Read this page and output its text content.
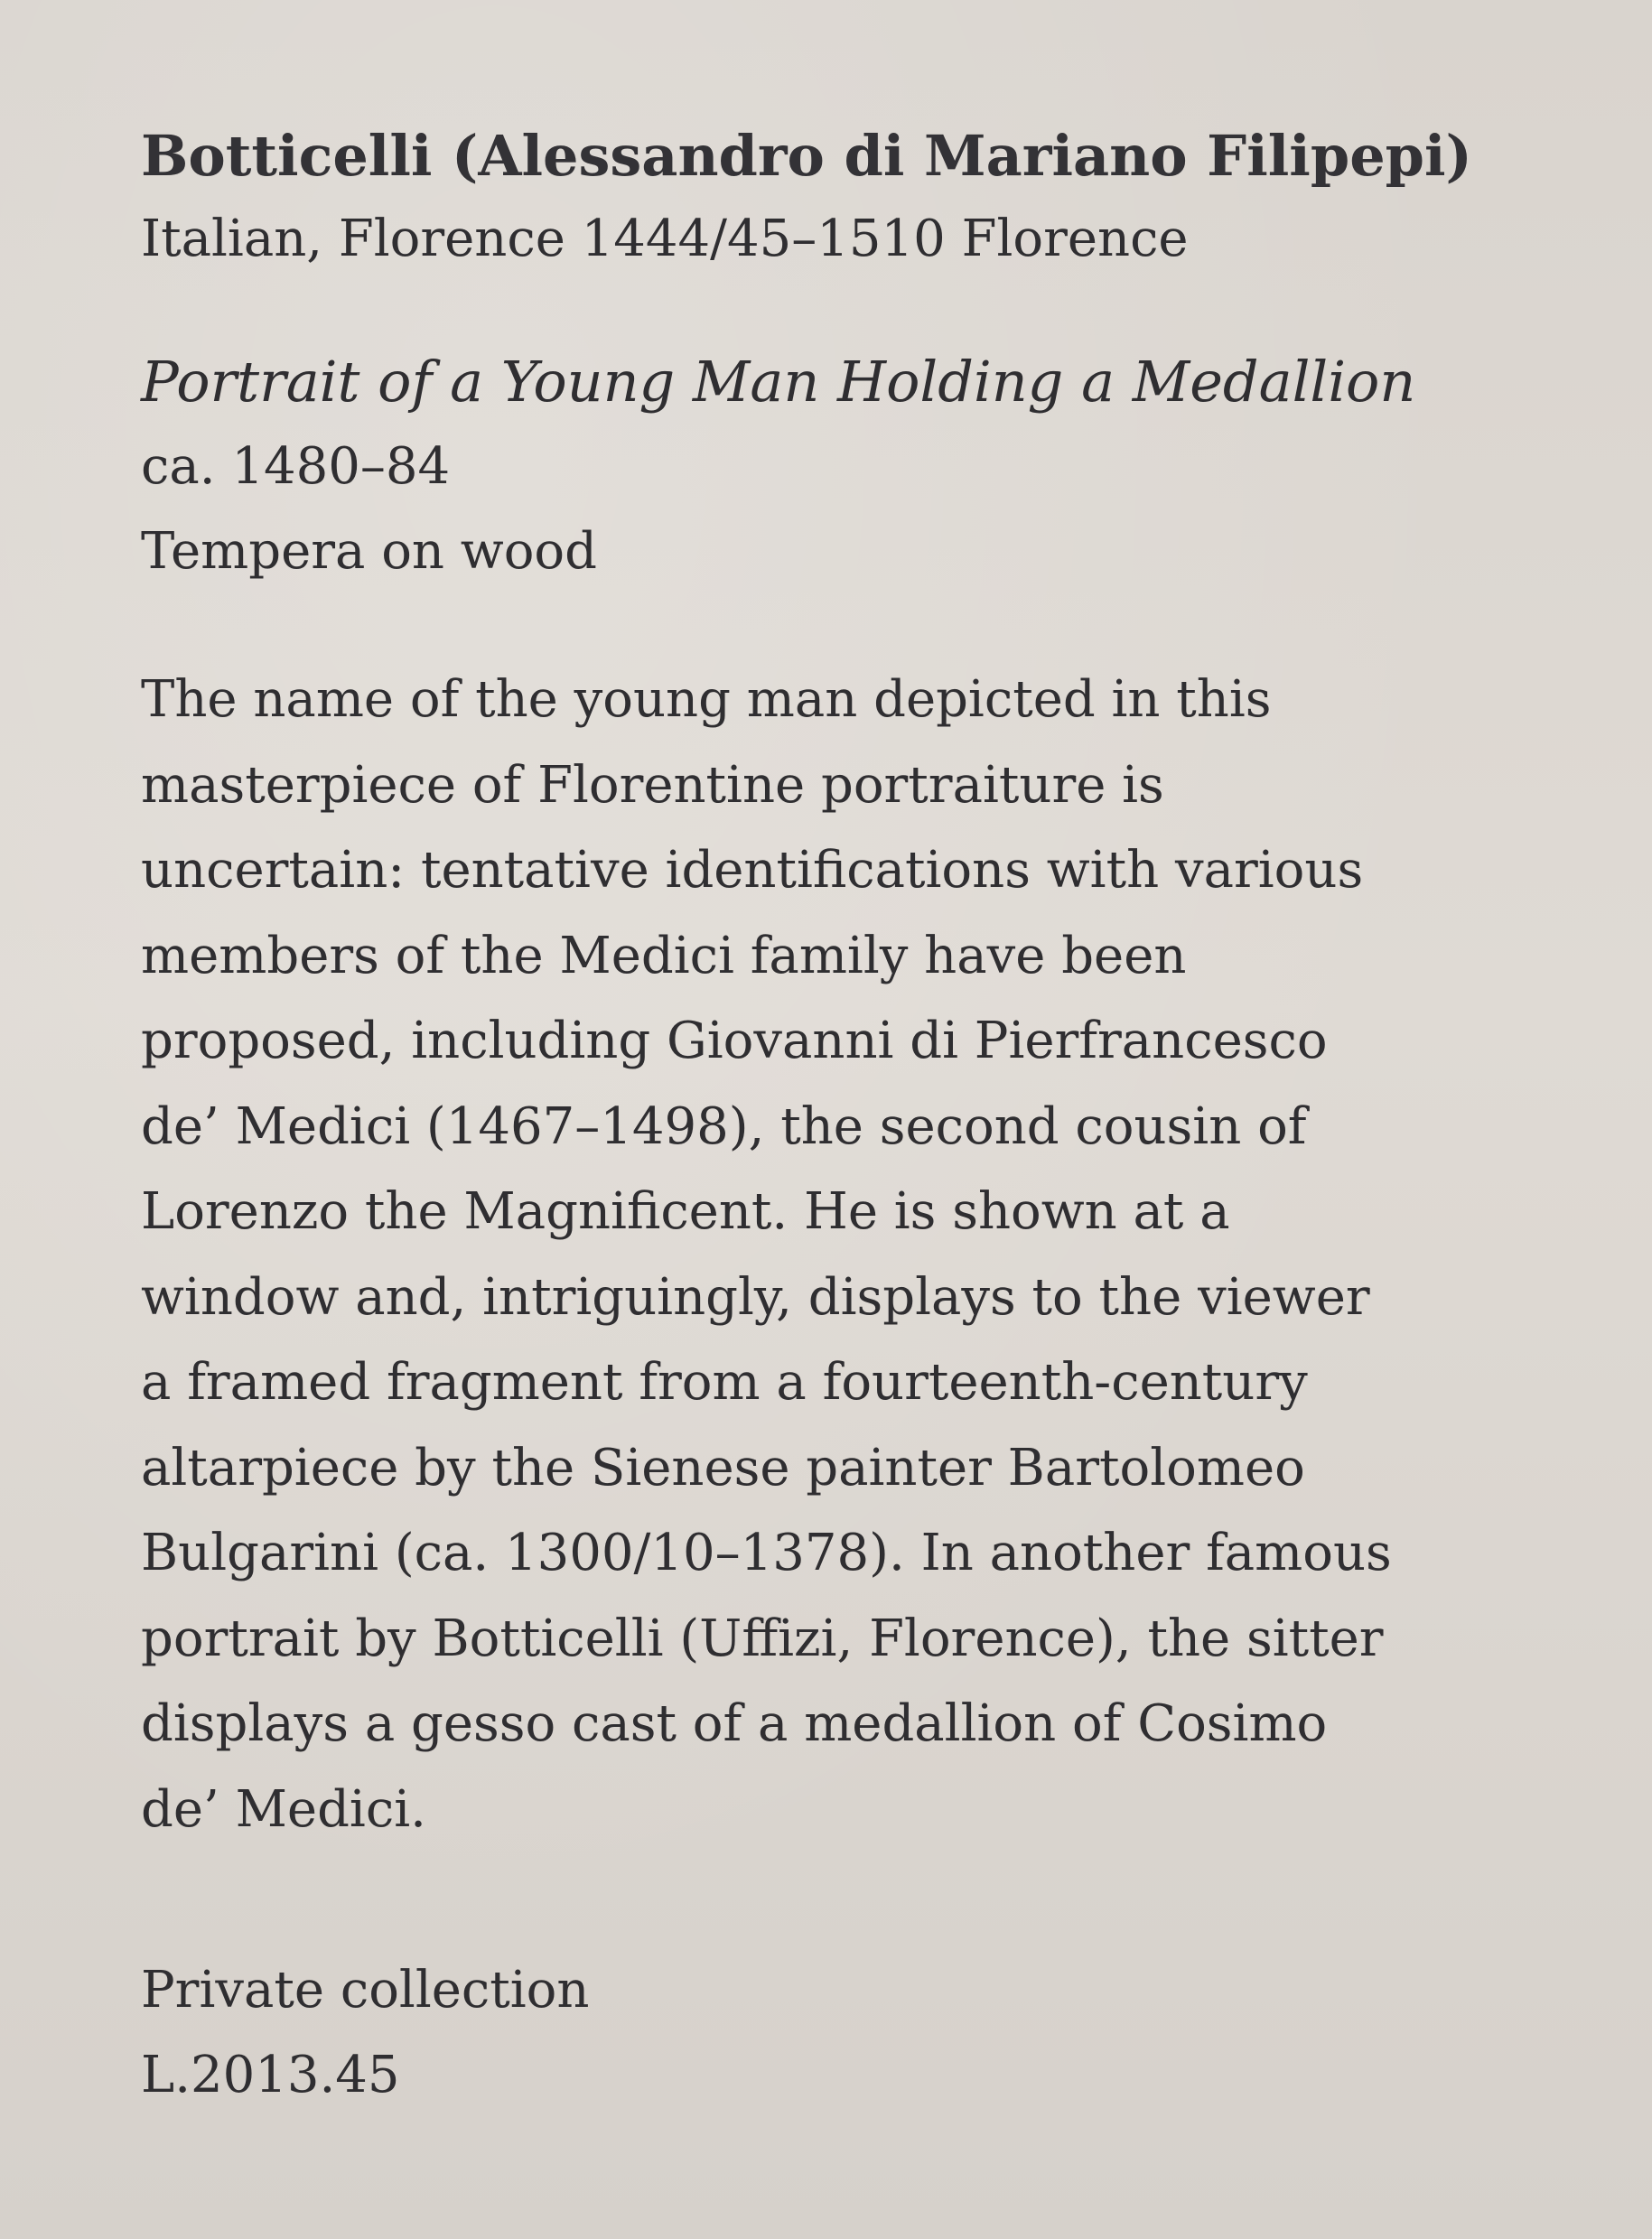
Botticelli (Alessandro di Mariano Filipepi)
Italian, Florence 1444/45–1510 Florence
Portrait of a Young Man Holding a Medallion
ca. 1480–84
Tempera on wood
The name of the young man depicted in this
masterpiece of Florentine portraiture is
uncertain: tentative identifications with various
members of the Medici family have been
proposed, including Giovanni di Pierfrancesco
de’ Medici (1467–1498), the second cousin of
Lorenzo the Magnificent. He is shown at a
window and, intriguingly, displays to the viewer
a framed fragment from a fourteenth-century
altarpiece by the Sienese painter Bartolomeo
Bulgarini (ca. 1300/10–1378). In another famous
portrait by Botticelli (Uffizi, Florence), the sitter
displays a gesso cast of a medallion of Cosimo
de’ Medici.
Private collection
L.2013.45
